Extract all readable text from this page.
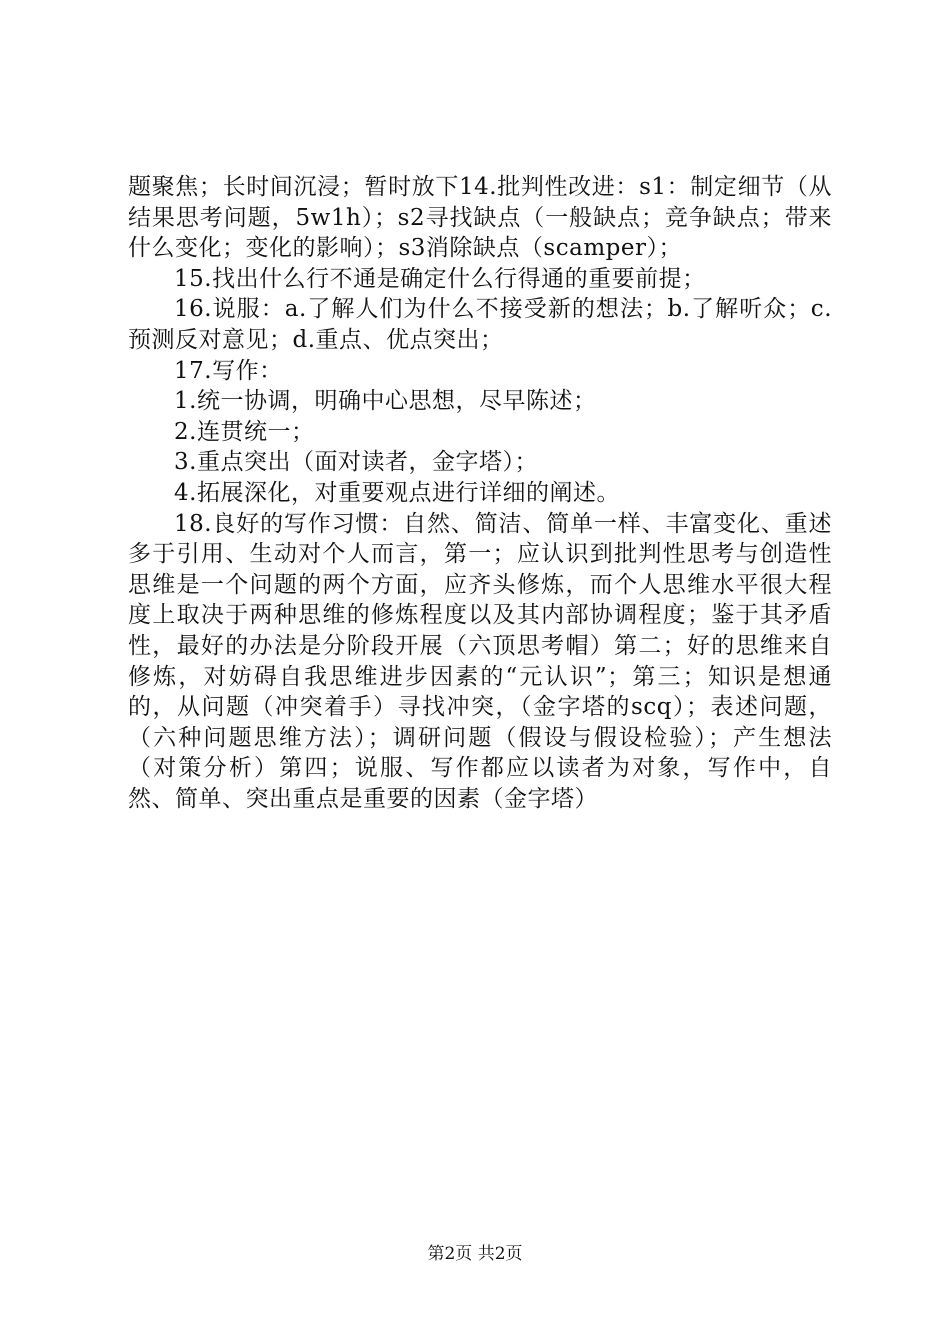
题聚焦；长时间沉浸；暂时放下14.批判性改进：s1：制定细节（从结果思考问题，5w1h）；s2寻找缺点（一般缺点；竞争缺点；带来什么变化；变化的影响）；s3消除缺点（scamper）；

15.找出什么行不通是确定什么行得通的重要前提；

16.说服：a.了解人们为什么不接受新的想法；b.了解听众；c.预测反对意见；d.重点、优点突出；

17.写作：

1.统一协调，明确中心思想，尽早陈述；

2.连贯统一；

3.重点突出（面对读者，金字塔）；

4.拓展深化，对重要观点进行详细的阐述。

18.良好的写作习惯：自然、简洁、简单一样、丰富变化、重述多于引用、生动对个人而言，第一；应认识到批判性思考与创造性思维是一个问题的两个方面，应齐头修炼，而个人思维水平很大程度上取决于两种思维的修炼程度以及其内部协调程度；鉴于其矛盾性，最好的办法是分阶段开展（六顶思考帽）第二；好的思维来自修炼，对妨碍自我思维进步因素的“元认识”；第三；知识是想通的，从问题（冲突着手）寻找冲突，（金字塔的scq）；表述问题，（六种问题思维方法）；调研问题（假设与假设检验）；产生想法（对策分析）第四；说服、写作都应以读者为对象，写作中，自然、简单、突出重点是重要的因素（金字塔）

第2页 共2页
